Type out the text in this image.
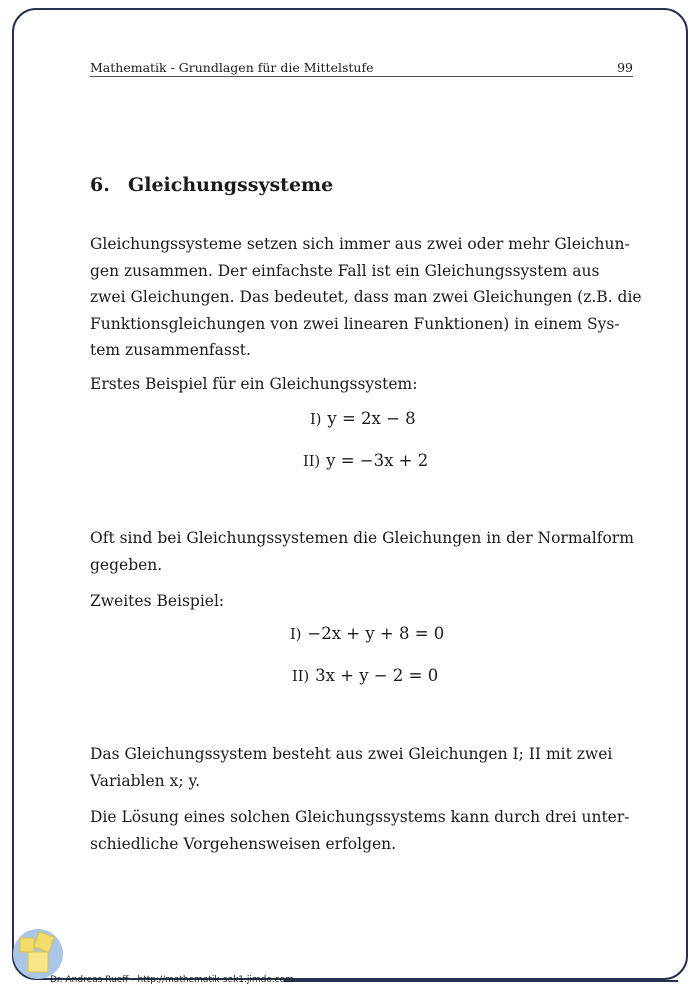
Mathematik - Grundlagen für die Mittelstufe	99
6. Gleichungssysteme

Gleichungssysteme setzen sich immer aus zwei oder mehr Gleichun-
gen zusammen. Der einfachste Fall ist ein Gleichungssystem aus
zwei Gleichungen. Das bedeutet, dass man zwei Gleichungen (z.B. die
Funktionsgleichungen von zwei linearen Funktionen) in einem Sys-
tem zusammenfasst.

Erstes Beispiel für ein Gleichungssystem:

I) y = 2x − 8
II) y = −3x + 2

Oft sind bei Gleichungssystemen die Gleichungen in der Normalform
gegeben.

Zweites Beispiel:

I) −2x + y + 8 = 0
II) 3x + y − 2 = 0

Das Gleichungssystem besteht aus zwei Gleichungen I; II mit zwei
Variablen x; y.

Die Lösung eines solchen Gleichungssystems kann durch drei unter-
schiedliche Vorgehensweisen erfolgen.

Dr. Andreas Rueff - http://mathematik-sek1.jimdo.com
